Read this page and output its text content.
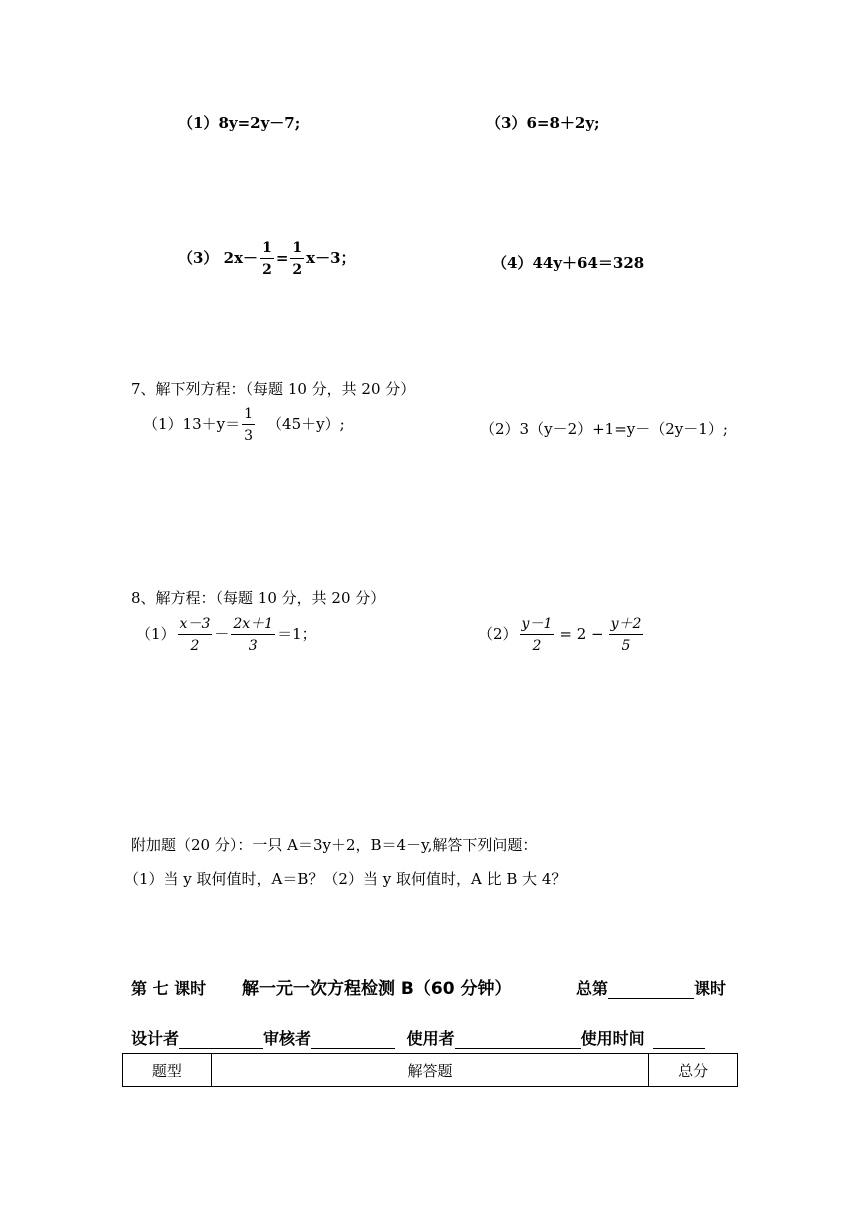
（1）8y=2y－7;	（3）6=8＋2y;
（3） $2x- \frac{1}{2} = \frac{1}{2} x-3$；	（4）44y＋64＝328
7、解下列方程：（每题 10 分，共 20 分）
$(1)13+y= \frac{1}{3} (45+y)$;	（2）3（y－2）+1=y－（2y－1）;
8、解方程：（每题 10 分，共 20 分）
$(1) \frac{x-3}{2} - \frac{2x+1}{3} =1$；	$(2) \frac{y-1}{2} = 2 - \frac{y+2}{5}$
附加题（20 分）：一只 A＝3y＋2，B＝4－y,解答下列问题：
（1）当 y 取何值时，A＝B？（2）当 y 取何值时，A 比 B 大 4？
第 七 课时 解一元一次方程检测 B（60 分钟）	总第	课时
设计者	审核者	使用者	使用时间
题型	解答题	总分
